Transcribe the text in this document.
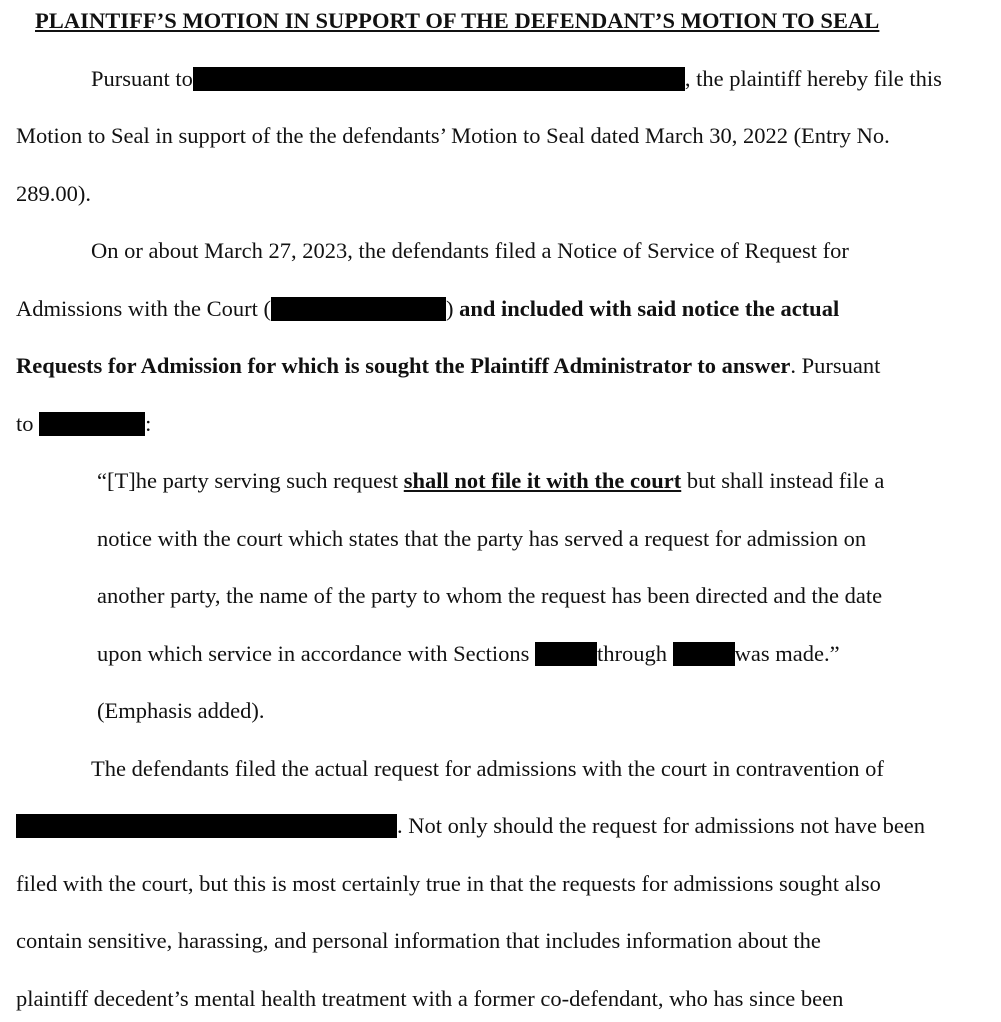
PLAINTIFF’S MOTION IN SUPPORT OF THE DEFENDANT’S MOTION TO SEAL
Pursuant to	, the plaintiff hereby file this
Motion to Seal in support of the the defendants’ Motion to Seal dated March 30, 2022 (Entry No.
289.00).
On or about March 27, 2023, the defendants filed a Notice of Service of Request for
Admissions with the Court (	) and included with said notice the actual
Requests for Admission for which is sought the Plaintiff Administrator to answer. Pursuant
to	:
“[T]he party serving such request shall not file it with the court but shall instead file a
notice with the court which states that the party has served a request for admission on
another party, the name of the party to whom the request has been directed and the date
upon which service in accordance with Sections	through	was made.”
(Emphasis added).
The defendants filed the actual request for admissions with the court in contravention of
. Not only should the request for admissions not have been
filed with the court, but this is most certainly true in that the requests for admissions sought also
contain sensitive, harassing, and personal information that includes information about the
plaintiff decedent’s mental health treatment with a former co-defendant, who has since been
